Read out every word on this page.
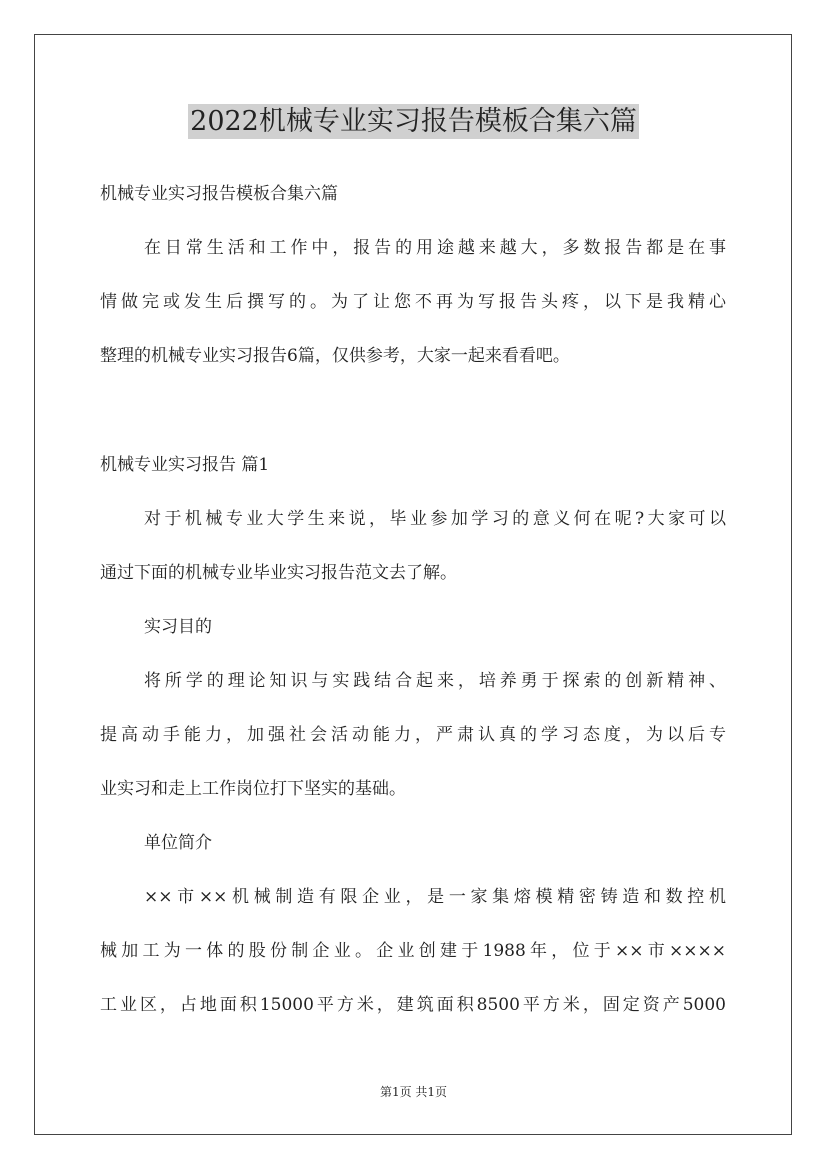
2022机械专业实习报告模板合集六篇
机械专业实习报告模板合集六篇
在日常生活和工作中，报告的用途越来越大，多数报告都是在事
情做完或发生后撰写的。为了让您不再为写报告头疼，以下是我精心
整理的机械专业实习报告6篇，仅供参考，大家一起来看看吧。
机械专业实习报告 篇1
对于机械专业大学生来说，毕业参加学习的意义何在呢?大家可以
通过下面的机械专业毕业实习报告范文去了解。
实习目的
将所学的理论知识与实践结合起来，培养勇于探索的创新精神、
提高动手能力，加强社会活动能力，严肃认真的学习态度，为以后专
业实习和走上工作岗位打下坚实的基础。
单位简介
××市××机械制造有限企业，是一家集熔模精密铸造和数控机
械加工为一体的股份制企业。企业创建于1988年，位于××市××××
工业区，占地面积15000平方米，建筑面积8500平方米，固定资产5000
第1页 共1页
